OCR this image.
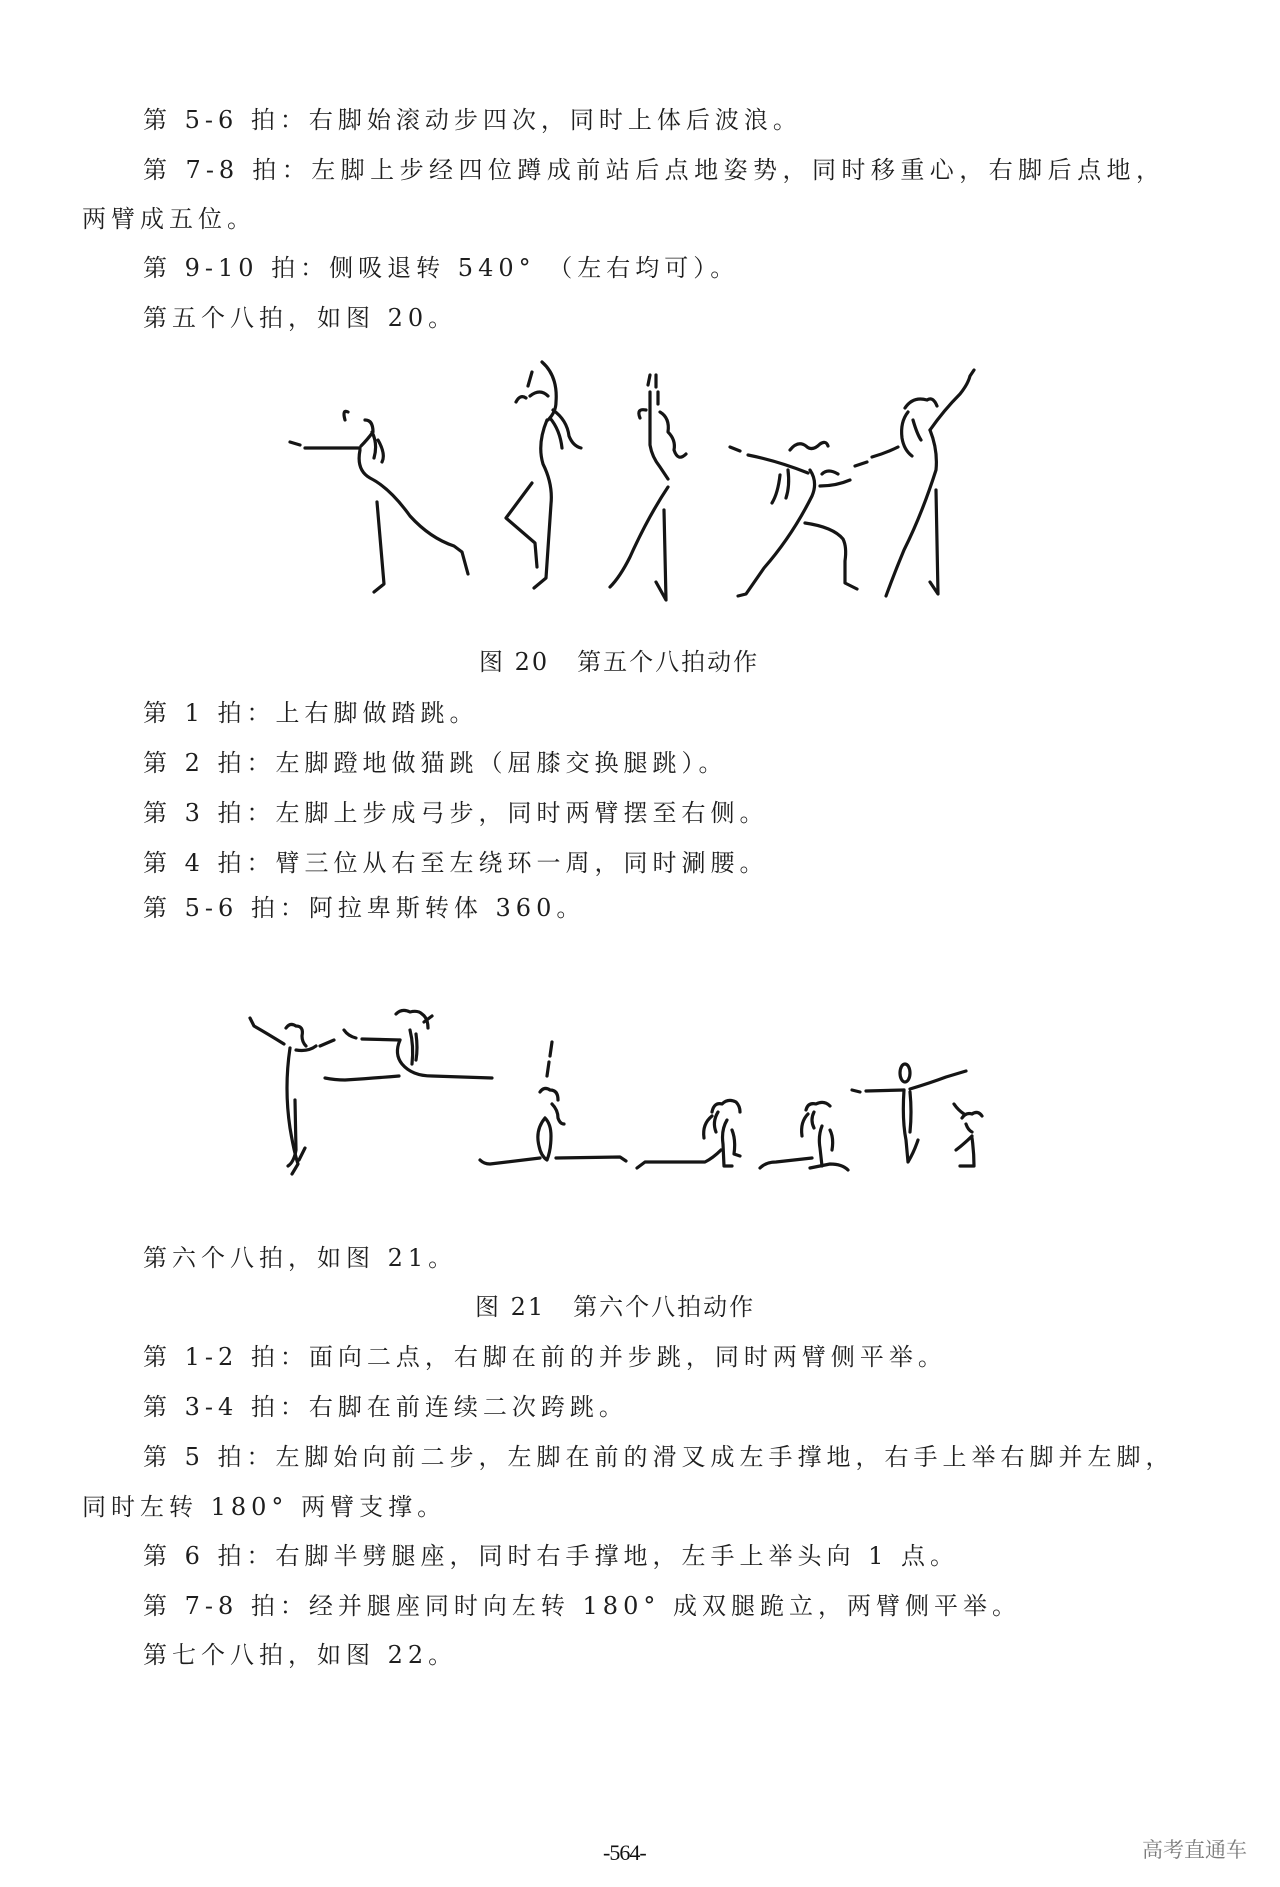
第 5-6 拍：右脚始滚动步四次，同时上体后波浪。
第 7-8 拍：左脚上步经四位蹲成前站后点地姿势，同时移重心，右脚后点地，
两臂成五位。
第 9-10 拍：侧吸退转 540° （左右均可）。
第五个八拍，如图 20。
图 20 第五个八拍动作
第 1 拍：上右脚做踏跳。
第 2 拍：左脚蹬地做猫跳（屈膝交换腿跳）。
第 3 拍：左脚上步成弓步，同时两臂摆至右侧。
第 4 拍：臂三位从右至左绕环一周，同时涮腰。
第 5-6 拍：阿拉卑斯转体 360。
第六个八拍，如图 21。
图 21 第六个八拍动作
第 1-2 拍：面向二点，右脚在前的并步跳，同时两臂侧平举。
第 3-4 拍：右脚在前连续二次跨跳。
第 5 拍：左脚始向前二步，左脚在前的滑叉成左手撑地，右手上举右脚并左脚，
同时左转 180° 两臂支撑。
第 6 拍：右脚半劈腿座，同时右手撑地，左手上举头向 1 点。
第 7-8 拍：经并腿座同时向左转 180° 成双腿跪立，两臂侧平举。
第七个八拍，如图 22。
-564-	高考直通车
